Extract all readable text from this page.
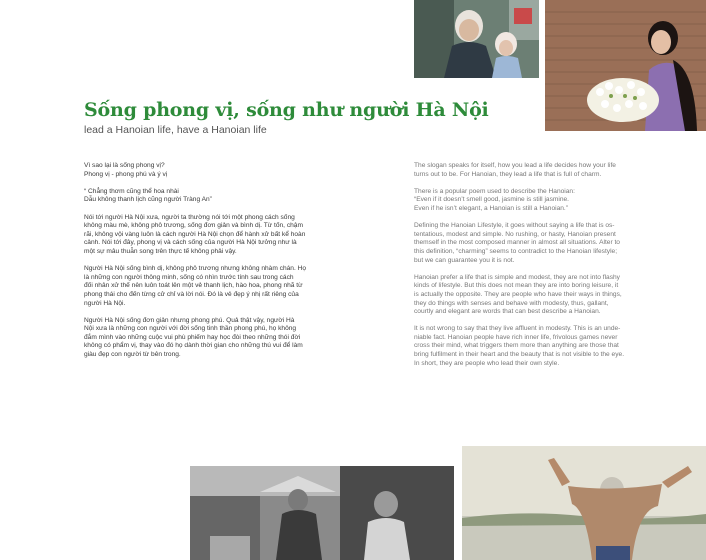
Sống phong vị, sống như người Hà Nội

lead a Hanoian life, have a Hanoian life

Vì sao lại là sống phong vị?
Phong vị - phong phú và ý vị

“ Chẳng thơm cũng thể hoa nhài
Dẫu không thanh lịch cũng người Tràng An”

Nói tới người Hà Nội xưa, người ta thường nói tới một phong cách sống
không màu mè, không phô trương, sống đơn giản và bình dị. Từ tốn, chậm
rãi, không vội vàng luôn là cách người Hà Nội chọn để hành xử bất kể hoàn
cảnh. Nói tới đây, phong vị và cách sống của người Hà Nội tưởng như là
một sự mâu thuẫn song trên thực tế không phải vậy.

Người Hà Nội sống bình dị, không phô trương nhưng không nhàm chán. Họ
là những con người thông minh, sống có nhìn trước tính sau trong cách
đối nhân xử thế nên luôn toát lên một vẻ thanh lịch, hào hoa, phong nhã từ
phong thái cho đến từng cử chỉ và lời nói. Đó là vẻ đẹp ý nhị rất riêng của
người Hà Nội.

Người Hà Nội sống đơn giản nhưng phong phú. Quả thật vậy, người Hà
Nội xưa là những con người với đời sống tinh thần phong phú, họ không
đắm mình vào những cuộc vui phù phiếm hay học đòi theo những thói đời
không có phẩm vị, thay vào đó họ dành thời gian cho những thú vui để làm
giàu đẹp con người từ bên trong.

The slogan speaks for itself, how you lead a life decides how your life
turns out to be. For Hanoian, they lead a life that is full of charm.

There is a popular poem used to describe the Hanoian:
“Even if it doesn’t smell good, jasmine is still jasmine.
Even if he isn’t elegant, a Hanoian is still a Hanoian.”

Defining the Hanoian Lifestyle, it goes without saying a life that is os-
tentatious, modest and simple. No rushing, or hasty, Hanoian present
themself in the most composed manner in almost all situations. Alter to
this definition, “charming” seems to contradict to the Hanoian lifestyle;
but we can guarantee you it is not.

Hanoian prefer a life that is simple and modest, they are not into flashy
kinds of lifestyle. But this does not mean they are into boring leisure, it
is actually the opposite. They are people who have their ways in things,
they do things with senses and behave with modesty, thus, gallant,
courtly and elegant are words that can best describe a Hanoian.

It is not wrong to say that they live affluent in modesty. This is an unde-
niable fact. Hanoian people have rich inner life, frivolous games never
cross their mind, what triggers them more than anything are those that
bring fulfilment in their heart and the beauty that is not visible to the eye.
In short, they are people who lead their own style.
